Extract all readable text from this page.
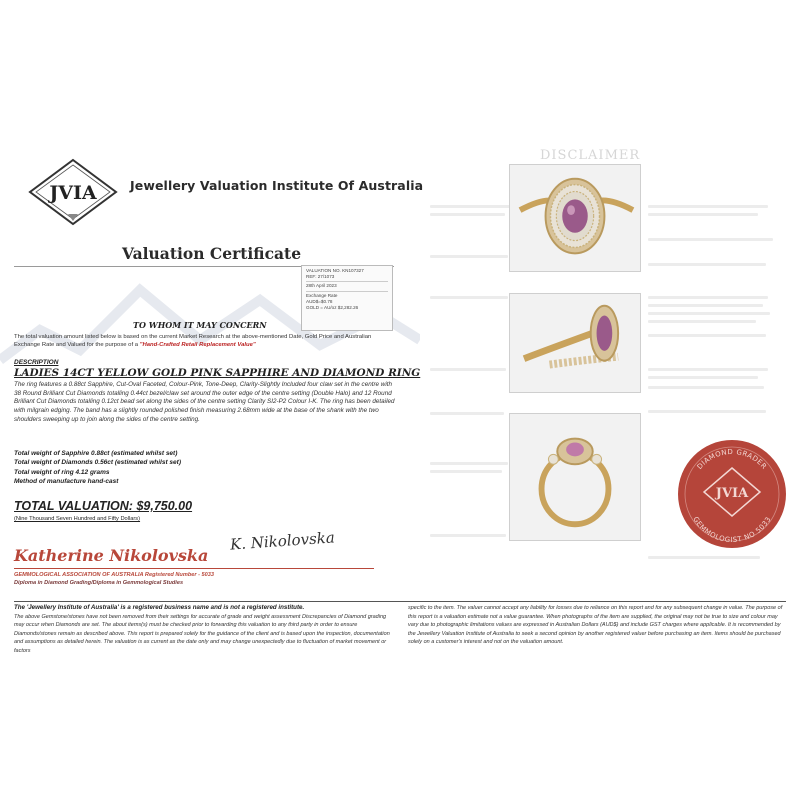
JVIA	Jewellery Valuation Institute Of Australia
Valuation Certificate
VALUATION NO. KN107327
REF: 27/1073
28th April 2023
Exchange Rate
AUD$=$0.78
GOLD = AU/oz $2,282.26
TO WHOM IT MAY CONCERN
The total valuation amount listed below is based on the current Market Research at the above-mentioned Date, Gold Price and Australian Exchange Rate and Valued for the purpose of a "Hand-Crafted Retail Replacement Value"
DESCRIPTION
LADIES 14CT YELLOW GOLD PINK SAPPHIRE AND DIAMOND RING
The ring features a 0.88ct Sapphire, Cut-Oval Faceted, Colour-Pink, Tone-Deep, Clarity-Slightly Included four claw set in the centre with 38 Round Brilliant Cut Diamonds totalling 0.44ct bezel/claw set around the outer edge of the centre setting (Double Halo) and 12 Round Brilliant Cut Diamonds totalling 0.12ct bead set along the sides of the centre setting Clarity SI2-P2 Colour I-K. The ring has been detailed with milgrain edging. The band has a slightly rounded polished finish measuring 2.68mm wide at the base of the shank with the two shoulders sweeping up to join along the sides of the centre setting.
Total weight of Sapphire 0.88ct (estimated whilst set)
Total weight of Diamonds 0.56ct (estimated whilst set)
Total weight of ring 4.12 grams
Method of manufacture hand-cast
TOTAL VALUATION: $9,750.00
(Nine Thousand Seven Hundred and Fifty Dollars)
Katherine Nikolovska
K. Nikolovska
GEMMOLOGICAL ASSOCIATION OF AUSTRALIA Registered Number - 5033
Diploma in Diamond Grading/Diploma in Gemmological Studies
DISCLAIMER
DIAMOND GRADER
GEMMOLOGIST NO 5033
JVIA
The 'Jewellery Institute of Australia' is a registered business name and is not a registered institute.
The above Gemstone/stones have not been removed from their settings for accurate of grade and weight assessment Discrepancies of Diamond grading may occur when Diamonds are set. The about items(s) must be checked prior to forwarding this valuation to any third party in order to ensure Diamonds/stones remain as described above. This report is prepared solely for the guidance of the client and is based upon the inspection, documentation and assumptions as detailed herein. The valuation is as current as the date only and may change unexpectedly due to fluctuation of market movement or factors
specific to the item. The valuer cannot accept any liability for losses due to reliance on this report and for any subsequent change in value. The purpose of this report is a valuation estimate not a value guarantee. When photographs of the item are supplied, the original may not be true to size and colour may vary due to photographic limitations values are expressed in Australian Dollars (AUD$) and include GST charges where applicable. It is recommended by the Jewellery Valuation Institute of Australia to seek a second opinion by another registered valuer before purchasing an item. Items should be purchased solely on a customer's interest and not on the valuation amount.
